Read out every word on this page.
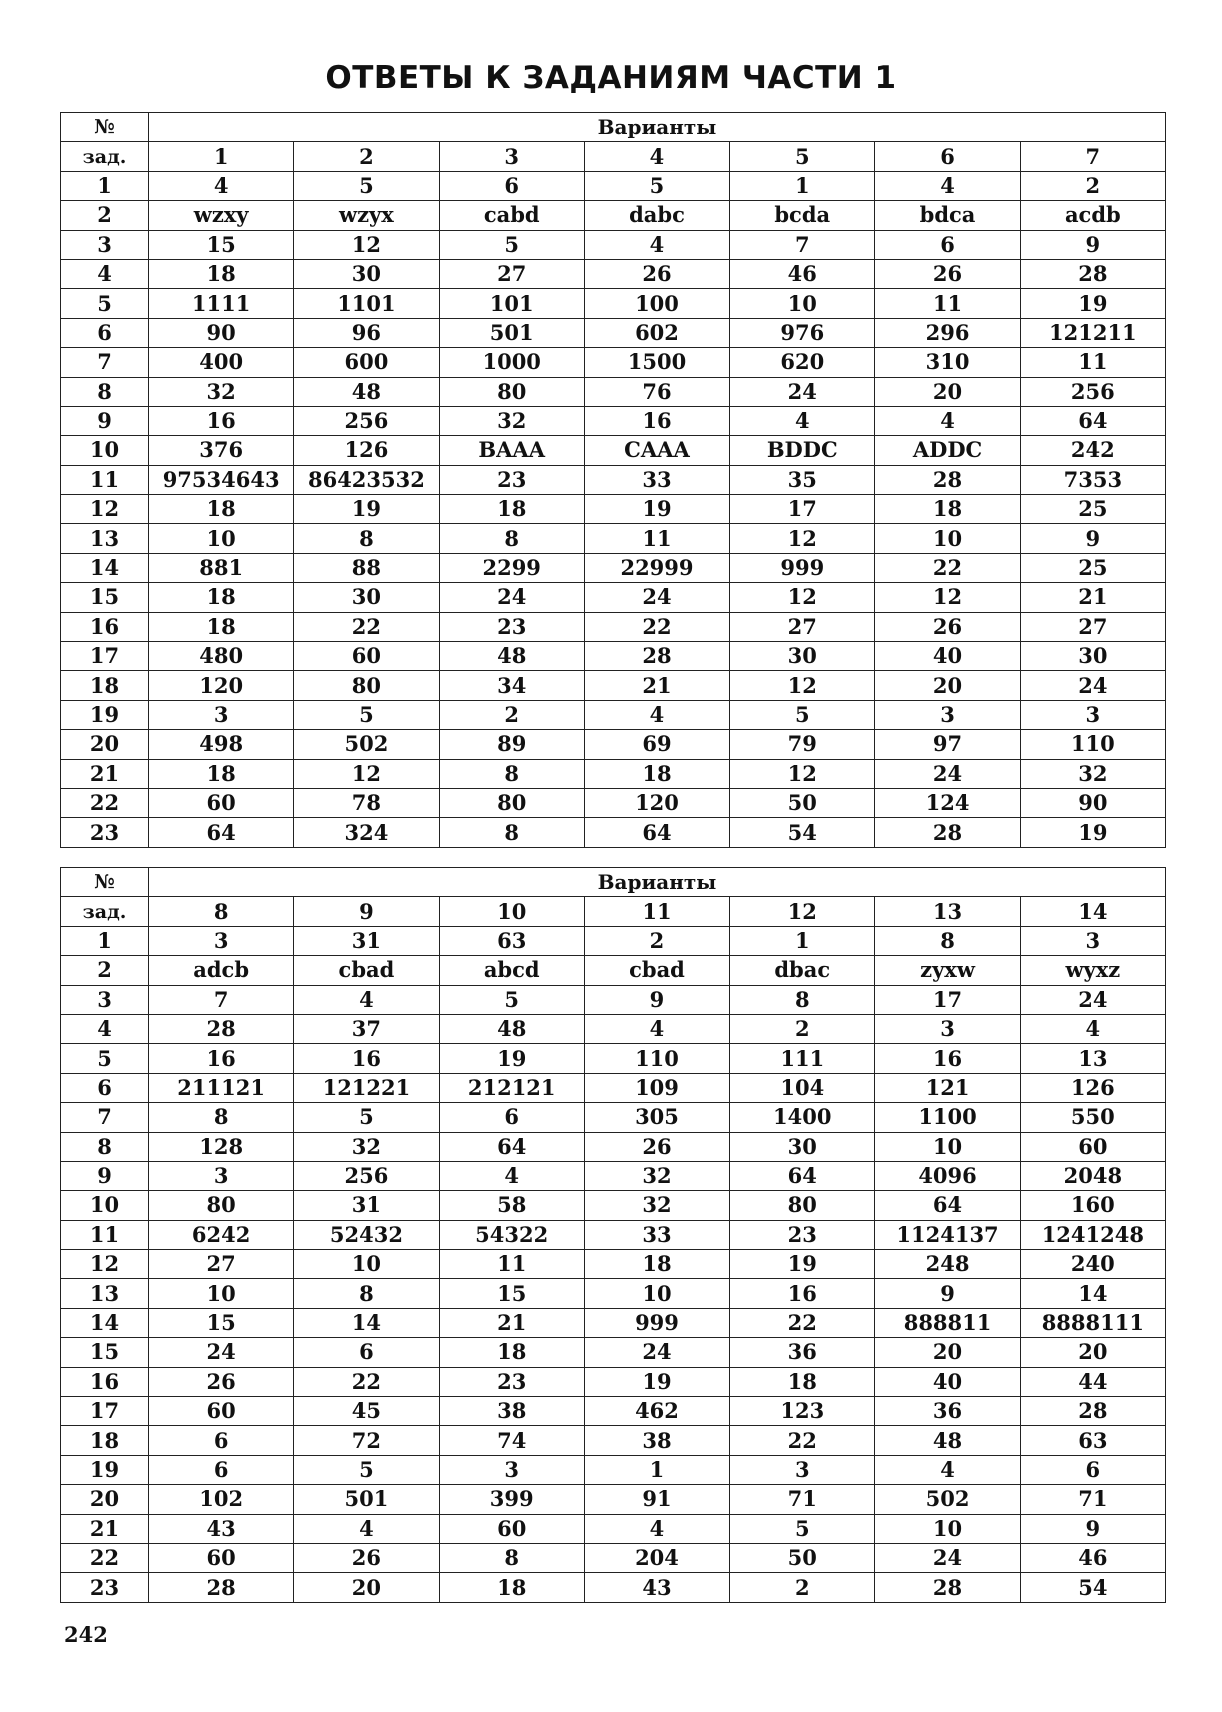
ОТВЕТЫ К ЗАДАНИЯМ ЧАСТИ 1
№	Варианты						
зад.	1	2	3	4	5	6	7
1	4	5	6	5	1	4	2
2	wzxy	wzyx	cabd	dabc	bcda	bdca	acdb
3	15	12	5	4	7	6	9
4	18	30	27	26	46	26	28
5	1111	1101	101	100	10	11	19
6	90	96	501	602	976	296	121211
7	400	600	1000	1500	620	310	11
8	32	48	80	76	24	20	256
9	16	256	32	16	4	4	64
10	376	126	BAAA	CAAA	BDDC	ADDC	242
11	97534643	86423532	23	33	35	28	7353
12	18	19	18	19	17	18	25
13	10	8	8	11	12	10	9
14	881	88	2299	22999	999	22	25
15	18	30	24	24	12	12	21
16	18	22	23	22	27	26	27
17	480	60	48	28	30	40	30
18	120	80	34	21	12	20	24
19	3	5	2	4	5	3	3
20	498	502	89	69	79	97	110
21	18	12	8	18	12	24	32
22	60	78	80	120	50	124	90
23	64	324	8	64	54	28	19
№	Варианты						
зад.	8	9	10	11	12	13	14
1	3	31	63	2	1	8	3
2	adcb	cbad	abcd	cbad	dbac	zyxw	wyxz
3	7	4	5	9	8	17	24
4	28	37	48	4	2	3	4
5	16	16	19	110	111	16	13
6	211121	121221	212121	109	104	121	126
7	8	5	6	305	1400	1100	550
8	128	32	64	26	30	10	60
9	3	256	4	32	64	4096	2048
10	80	31	58	32	80	64	160
11	6242	52432	54322	33	23	1124137	1241248
12	27	10	11	18	19	248	240
13	10	8	15	10	16	9	14
14	15	14	21	999	22	888811	8888111
15	24	6	18	24	36	20	20
16	26	22	23	19	18	40	44
17	60	45	38	462	123	36	28
18	6	72	74	38	22	48	63
19	6	5	3	1	3	4	6
20	102	501	399	91	71	502	71
21	43	4	60	4	5	10	9
22	60	26	8	204	50	24	46
23	28	20	18	43	2	28	54
242
